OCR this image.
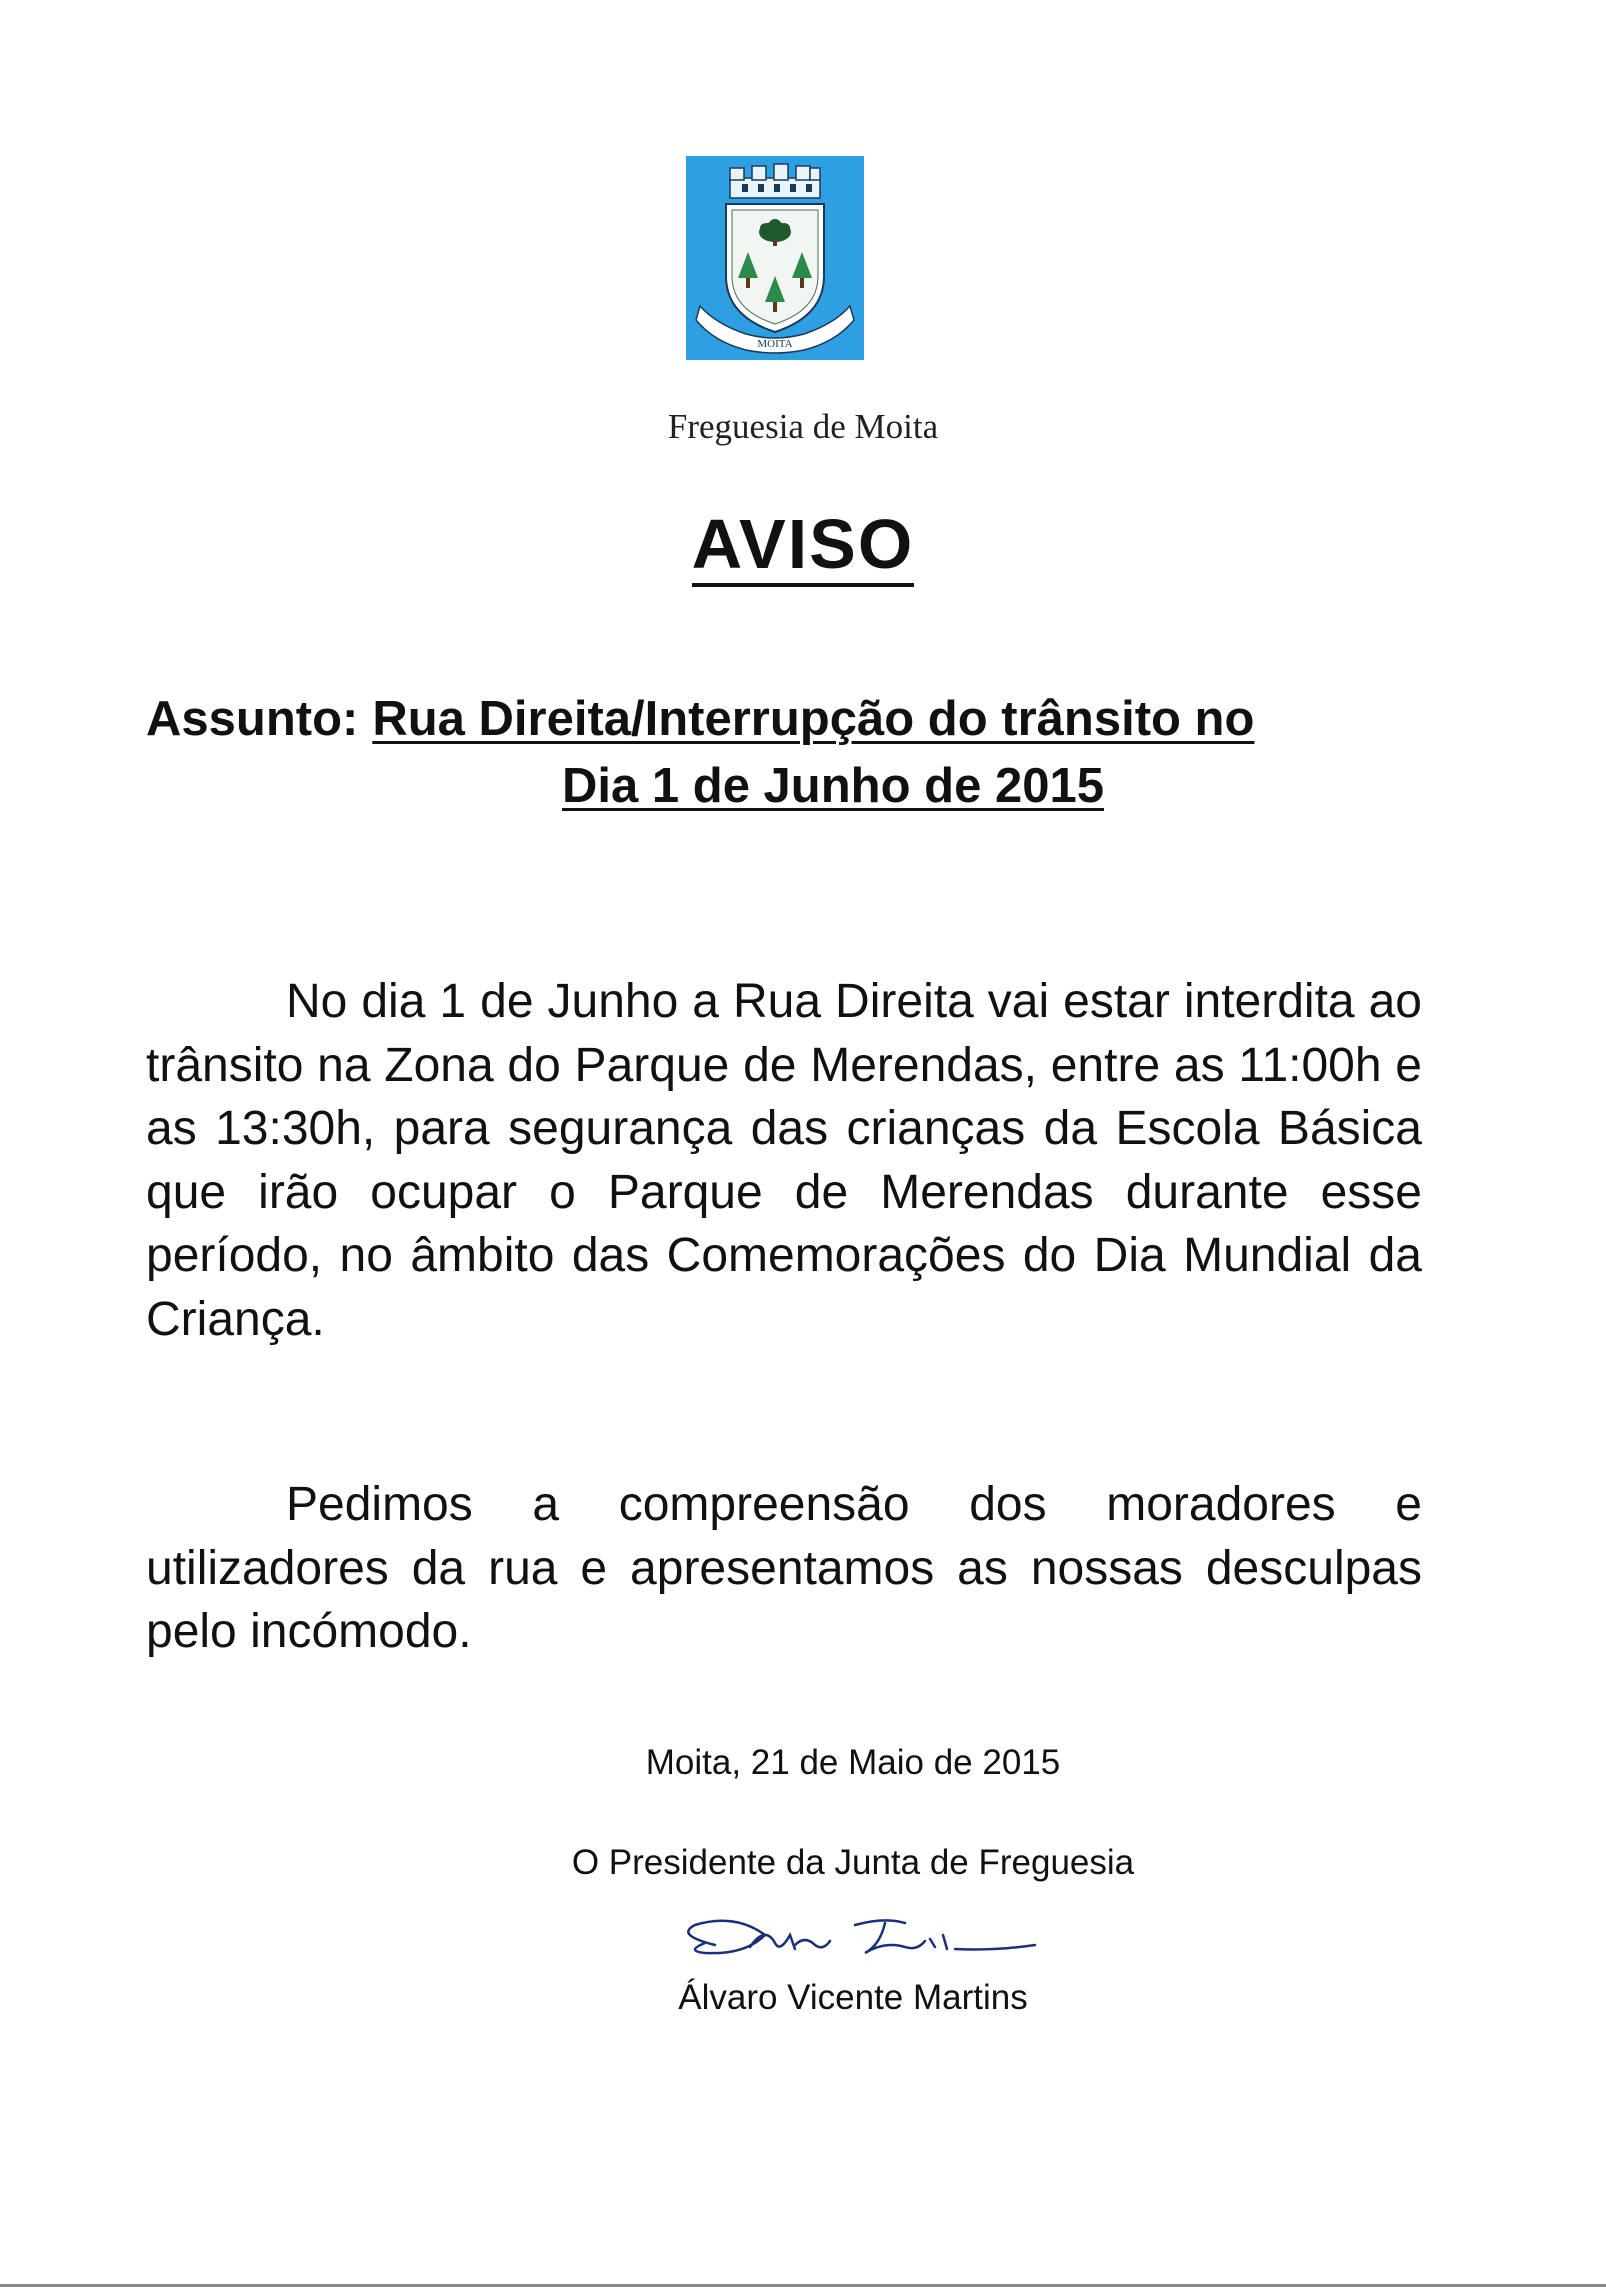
MOITA
Freguesia de Moita
AVISO
Assunto: Rua Direita/Interrupção do trânsito no
Dia 1 de Junho de 2015

No dia 1 de Junho a Rua Direita vai estar interdita ao trânsito na Zona do Parque de Merendas, entre as 11:00h e as 13:30h, para segurança das crianças da Escola Básica que irão ocupar o Parque de Merendas durante esse período, no âmbito das Comemorações do Dia Mundial da Criança.

Pedimos a compreensão dos moradores e utilizadores da rua e apresentamos as nossas desculpas pelo incómodo.

Moita, 21 de Maio de 2015
O Presidente da Junta de Freguesia
Álvaro Vicente Martins
